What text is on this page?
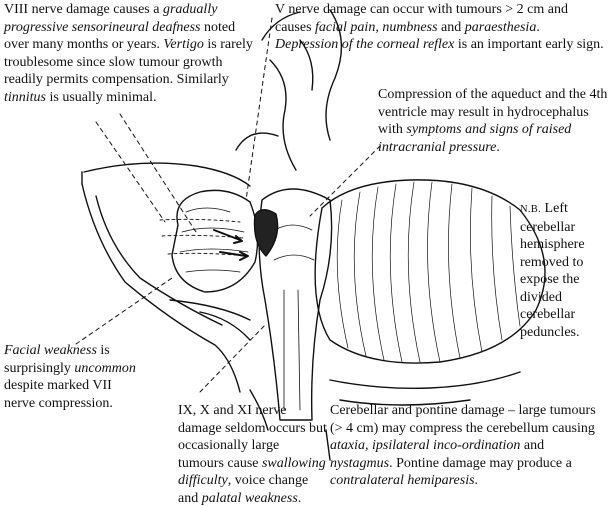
VIII nerve damage causes a gradually progressive sensorineural deafness noted over many months or years. Vertigo is rarely troublesome since slow tumour growth readily permits compensation. Similarly tinnitus is usually minimal.

V nerve damage can occur with tumours > 2 cm and causes facial pain, numbness and paraesthesia. Depression of the corneal reflex is an important early sign.

Compression of the aqueduct and the 4th ventricle may result in hydrocephalus with symptoms and signs of raised intracranial pressure.

N.B. Left cerebellar hemisphere removed to expose the divided cerebellar peduncles.

Facial weakness is surprisingly uncommon despite marked VII nerve compression.	IX, X and XI nerve damage seldom occurs but occasionally large tumours cause swallowing difficulty, voice change and palatal weakness.

Cerebellar and pontine damage – large tumours (> 4 cm) may compress the cerebellum causing ataxia, ipsilateral inco-ordination and nystagmus. Pontine damage may produce a contralateral hemiparesis.
